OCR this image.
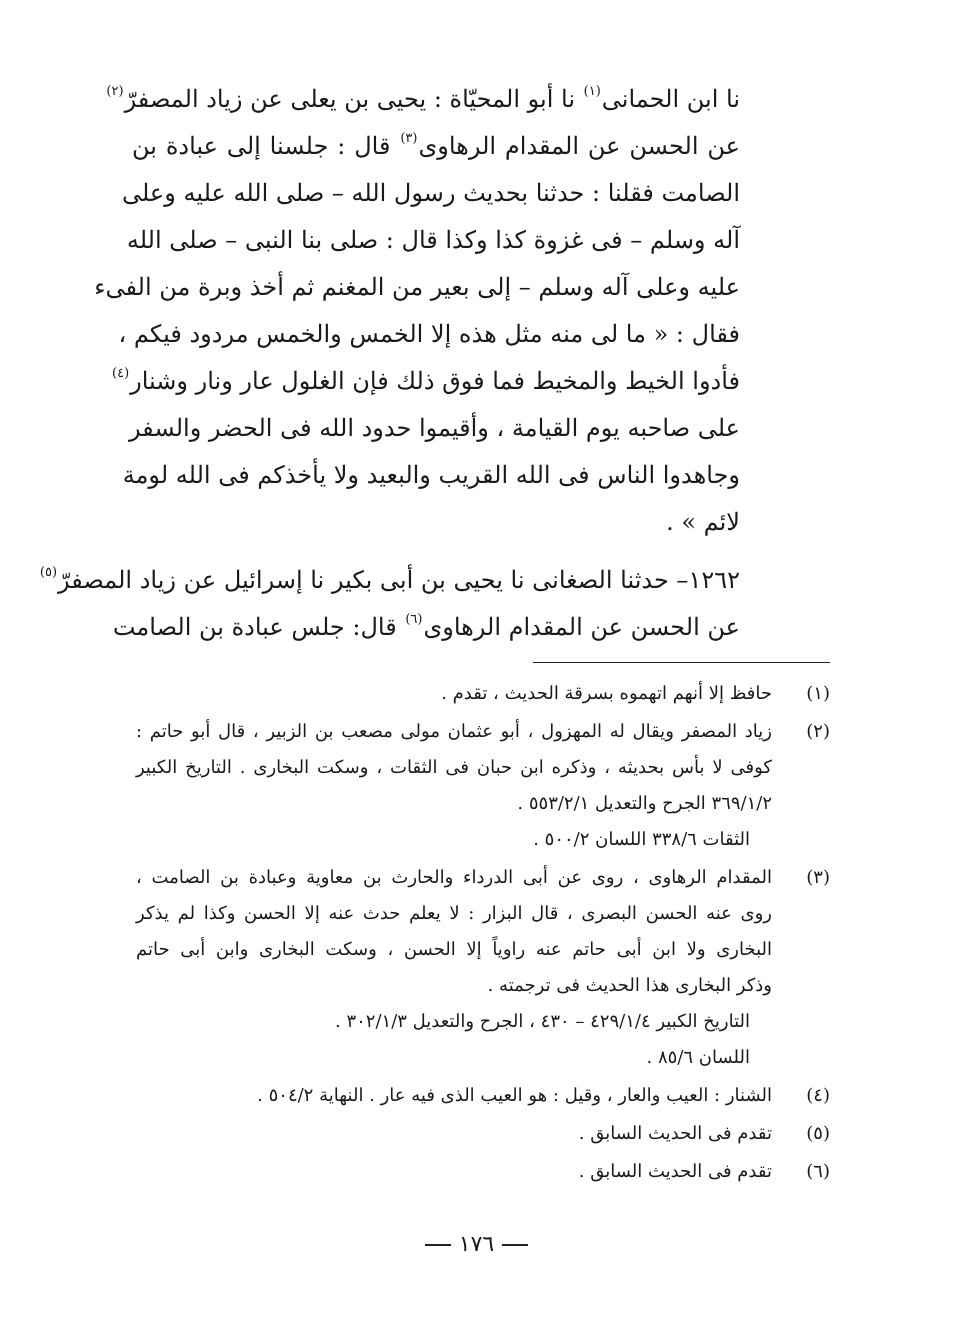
نا ابن الحمانى$^{(١)}$ نا أبو المحيّاة : يحيى بن يعلى عن زياد المصفرّ$^{(٢)}$
عن الحسن عن المقدام الرهاوى$^{(٣)}$ قال : جلسنا إلى عبادة بن
الصامت فقلنا : حدثنا بحديث رسول الله – صلى الله عليه وعلى
آله وسلم – فى غزوة كذا وكذا قال : صلى بنا النبى – صلى الله
عليه وعلى آله وسلم – إلى بعير من المغنم ثم أخذ وبرة من الفىء
فقال : « ما لى منه مثل هذه إلا الخمس والخمس مردود فيكم ،
فأدوا الخيط والمخيط فما فوق ذلك فإن الغلول عار ونار وشنار$^{(٤)}$
على صاحبه يوم القيامة ، وأقيموا حدود الله فى الحضر والسفر
وجاهدوا الناس فى الله القريب والبعيد ولا يأخذكم فى الله لومة
لائم » .
١٢٦٢– حدثنا الصغانى نا يحيى بن أبى بكير نا إسرائيل عن زياد المصفرّ$^{(٥)}$
عن الحسن عن المقدام الرهاوى$^{(٦)}$ قال: جلس عبادة بن الصامت
(١)
حافظ إلا أنهم اتهموه بسرقة الحديث ، تقدم .
(٢)
زياد المصفر ويقال له المهزول ، أبو عثمان مولى مصعب بن الزبير ، قال أبو حاتم :
كوفى لا بأس بحديثه ، وذكره ابن حبان فى الثقات ، وسكت البخارى . التاريخ الكبير
٣٦٩/١/٢ الجرح والتعديل ٥٥٣/٢/١ .
الثقات ٣٣٨/٦ اللسان ٥٠٠/٢ .
(٣)
المقدام الرهاوى ، روى عن أبى الدرداء والحارث بن معاوية وعبادة بن الصامت ،
روى عنه الحسن البصرى ، قال البزار : لا يعلم حدث عنه إلا الحسن وكذا لم يذكر
البخارى ولا ابن أبى حاتم عنه راوياً إلا الحسن ، وسكت البخارى وابن أبى حاتم
وذكر البخارى هذا الحديث فى ترجمته .
التاريخ الكبير ٤٢٩/١/٤ – ٤٣٠ ، الجرح والتعديل ٣٠٢/١/٣ .
اللسان ٨٥/٦ .
(٤)
الشنار : العيب والعار ، وقيل : هو العيب الذى فيه عار . النهاية ٥٠٤/٢ .
(٥)
تقدم فى الحديث السابق .
(٦)
تقدم فى الحديث السابق .
١٧٦
